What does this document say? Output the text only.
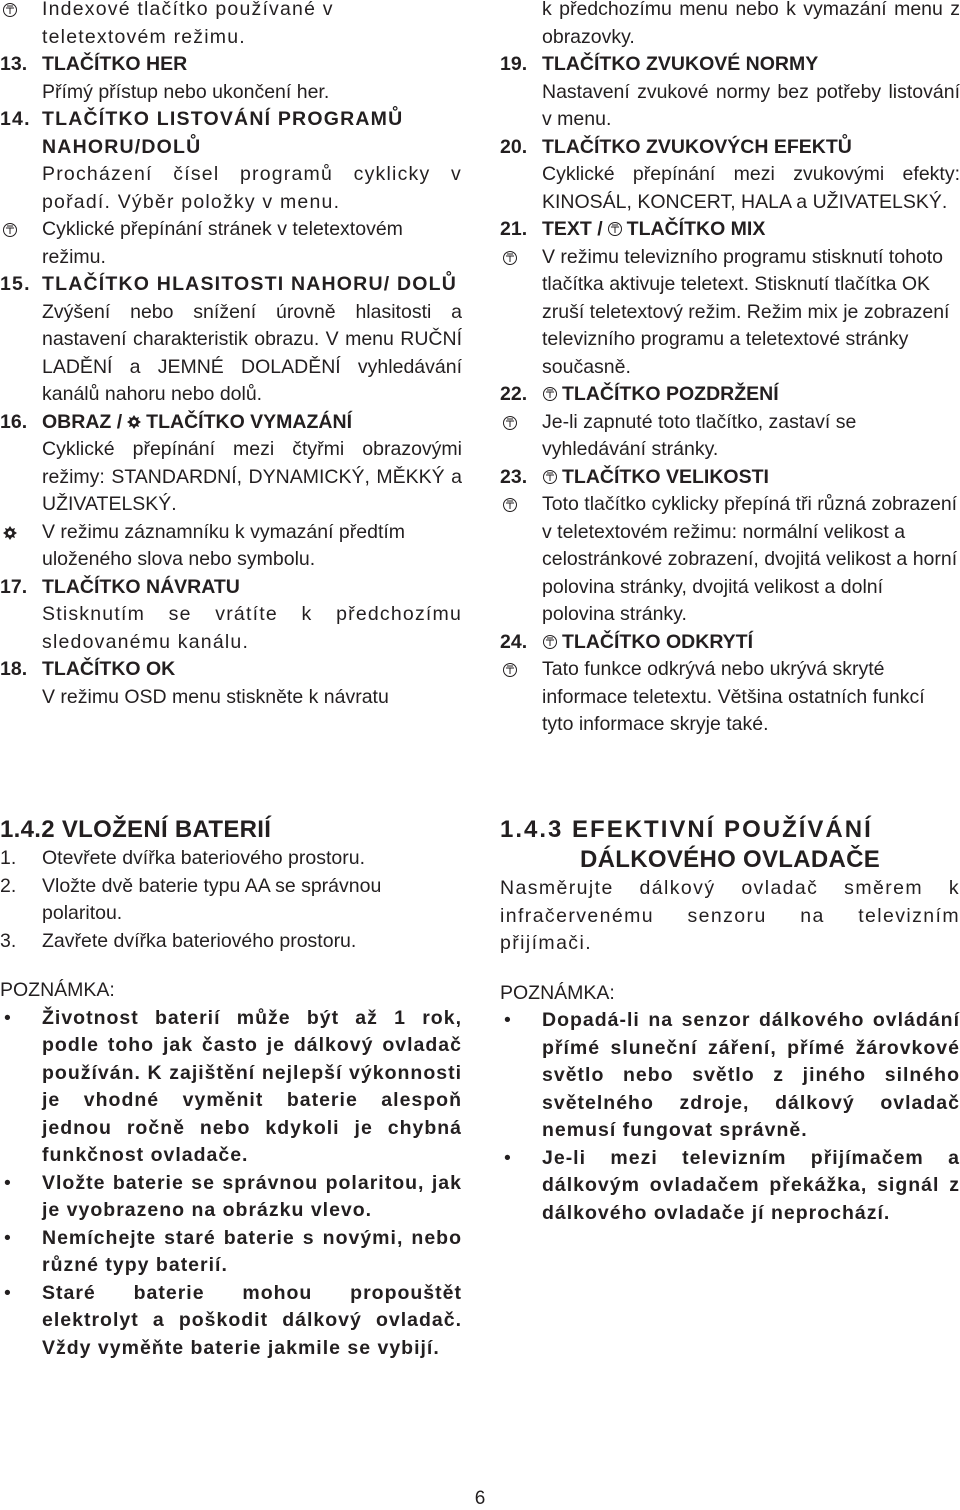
Indexové tlačítko používané v teletextovém režimu.
13. TLAČÍTKO HER
Přímý přístup nebo ukončení her.
14. TLAČÍTKO LISTOVÁNÍ PROGRAMŮ NAHORU/DOLŮ
Procházení čísel programů cyklicky v pořadí. Výběr položky v menu.
Cyklické přepínání stránek v teletextovém režimu.
15. TLAČÍTKO HLASITOSTI NAHORU/ DOLŮ
Zvýšení nebo snížení úrovně hlasitosti a nastavení charakteristik obrazu. V menu RUČNÍ LADĚNÍ a JEMNÉ DOLADĚNÍ vyhledávání kanálů nahoru nebo dolů.
16. OBRAZ / TLAČÍTKO VYMAZÁNÍ
Cyklické přepínání mezi čtyřmi obrazovými režimy: STANDARDNÍ, DYNAMICKÝ, MĚKKÝ a UŽIVATELSKÝ.
V režimu záznamníku k vymazání předtím uloženého slova nebo symbolu.
17. TLAČÍTKO NÁVRATU
Stisknutím se vrátíte k předchozímu sledovanému kanálu.
18. TLAČÍTKO OK
V režimu OSD menu stiskněte k návratu
k předchozímu menu nebo k vymazání menu z obrazovky.
19. TLAČÍTKO ZVUKOVÉ NORMY
Nastavení zvukové normy bez potřeby listování v menu.
20. TLAČÍTKO ZVUKOVÝCH EFEKTŮ
Cyklické přepínání mezi zvukovými efekty: KINOSÁL, KONCERT, HALA a UŽIVATELSKÝ.
21. TEXT / TLAČÍTKO MIX
V režimu televizního programu stisknutí tohoto tlačítka aktivuje teletext. Stisknutí tlačítka OK zruší teletextový režim. Režim mix je zobrazení televizního programu a teletextové stránky současně.
22. TLAČÍTKO POZDRŽENÍ
Je-li zapnuté toto tlačítko, zastaví se vyhledávání stránky.
23. TLAČÍTKO VELIKOSTI
Toto tlačítko cyklicky přepíná tři různá zobrazení v teletextovém režimu: normální velikost a celostránkové zobrazení, dvojitá velikost a horní polovina stránky, dvojitá velikost a dolní polovina stránky.
24. TLAČÍTKO ODKRYTÍ
Tato funkce odkrývá nebo ukrývá skryté informace teletextu. Většina ostatních funkcí tyto informace skryje také.
1.4.2 VLOŽENÍ BATERIÍ
1. Otevřete dvířka bateriového prostoru.
2. Vložte dvě baterie typu AA se správnou polaritou.
3. Zavřete dvířka bateriového prostoru.
POZNÁMKA:
• Životnost baterií může být až 1 rok, podle toho jak často je dálkový ovladač používán. K zajištění nejlepší výkonnosti je vhodné vyměnit baterie alespoň jednou ročně nebo kdykoli je chybná funkčnost ovladače.
• Vložte baterie se správnou polaritou, jak je vyobrazeno na obrázku vlevo.
• Nemíchejte staré baterie s novými, nebo různé typy baterií.
• Staré baterie mohou propouštět elektrolyt a poškodit dálkový ovladač. Vždy vyměňte baterie jakmile se vybijí.
1.4.3 EFEKTIVNÍ POUŽÍVÁNÍ
DÁLKOVÉHO OVLADAČE
Nasměrujte dálkový ovladač směrem k infračervenému senzoru na televizním přijímači.
POZNÁMKA:
• Dopadá-li na senzor dálkového ovládání přímé sluneční záření, přímé žárovkové světlo nebo světlo z jiného silného světelného zdroje, dálkový ovladač nemusí fungovat správně.
• Je-li mezi televizním přijímačem a dálkovým ovladačem překážka, signál z dálkového ovladače jí neprochází.
6
